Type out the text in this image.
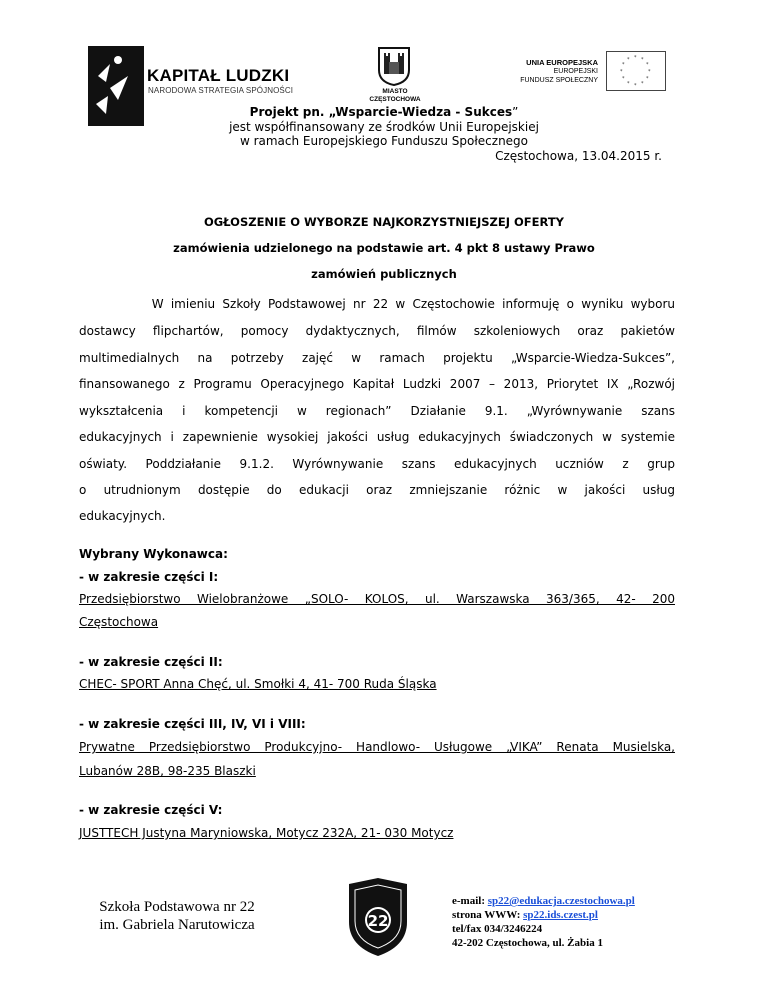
KAPITAŁ LUDZKI
NARODOWA STRATEGIA SPÓJNOŚCI	MIASTO
CZĘSTOCHOWA
UNIA EUROPEJSKA
EUROPEJSKI
FUNDUSZ SPOŁECZNY
* *
*
*
*
*
*
*
*
*
*
*
Projekt pn. „Wsparcie-Wiedza - Sukces”
jest współfinansowany ze środków Unii Europejskiej
w ramach Europejskiego Funduszu Społecznego
Częstochowa, 13.04.2015 r.
OGŁOSZENIE O WYBORZE NAJKORZYSTNIEJSZEJ OFERTY
zamówienia udzielonego na podstawie art. 4 pkt 8 ustawy Prawo
zamówień publicznych
W imieniu Szkoły Podstawowej nr 22 w Częstochowie informuję o wyniku wyboru
dostawcy flipchartów, pomocy dydaktycznych, filmów szkoleniowych oraz pakietów
multimedialnych na potrzeby zajęć w ramach projektu „Wsparcie-Wiedza-Sukces”,
finansowanego z Programu Operacyjnego Kapitał Ludzki 2007 – 2013, Priorytet IX „Rozwój
wykształcenia i kompetencji w regionach” Działanie 9.1. „Wyrównywanie szans
edukacyjnych i zapewnienie wysokiej jakości usług edukacyjnych świadczonych w systemie
oświaty. Poddziałanie 9.1.2. Wyrównywanie szans edukacyjnych uczniów z grup
o utrudnionym dostępie do edukacji oraz zmniejszanie różnic w jakości usług
edukacyjnych.
Wybrany Wykonawca:
- w zakresie części I:
Przedsiębiorstwo Wielobranżowe „SOLO- KOLOS, ul. Warszawska 363/365, 42- 200
Częstochowa
- w zakresie części II:
CHEC- SPORT Anna Chęć, ul. Smołki 4, 41- 700 Ruda Śląska
- w zakresie części III, IV, VI i VIII:
Prywatne Przedsiębiorstwo Produkcyjno- Handlowo- Usługowe „VIKA” Renata Musielska,
Lubanów 28B, 98-235 Blaszki
- w zakresie części V:
JUSTTECH Justyna Maryniowska, Motycz 232A, 21- 030 Motycz
Szkoła Podstawowa nr 22
im. Gabriela Narutowicza	22
e-mail: sp22@edukacja.czestochowa.pl
strona WWW: sp22.ids.czest.pl
tel/fax 034/3246224
42-202 Częstochowa, ul. Żabia 1
